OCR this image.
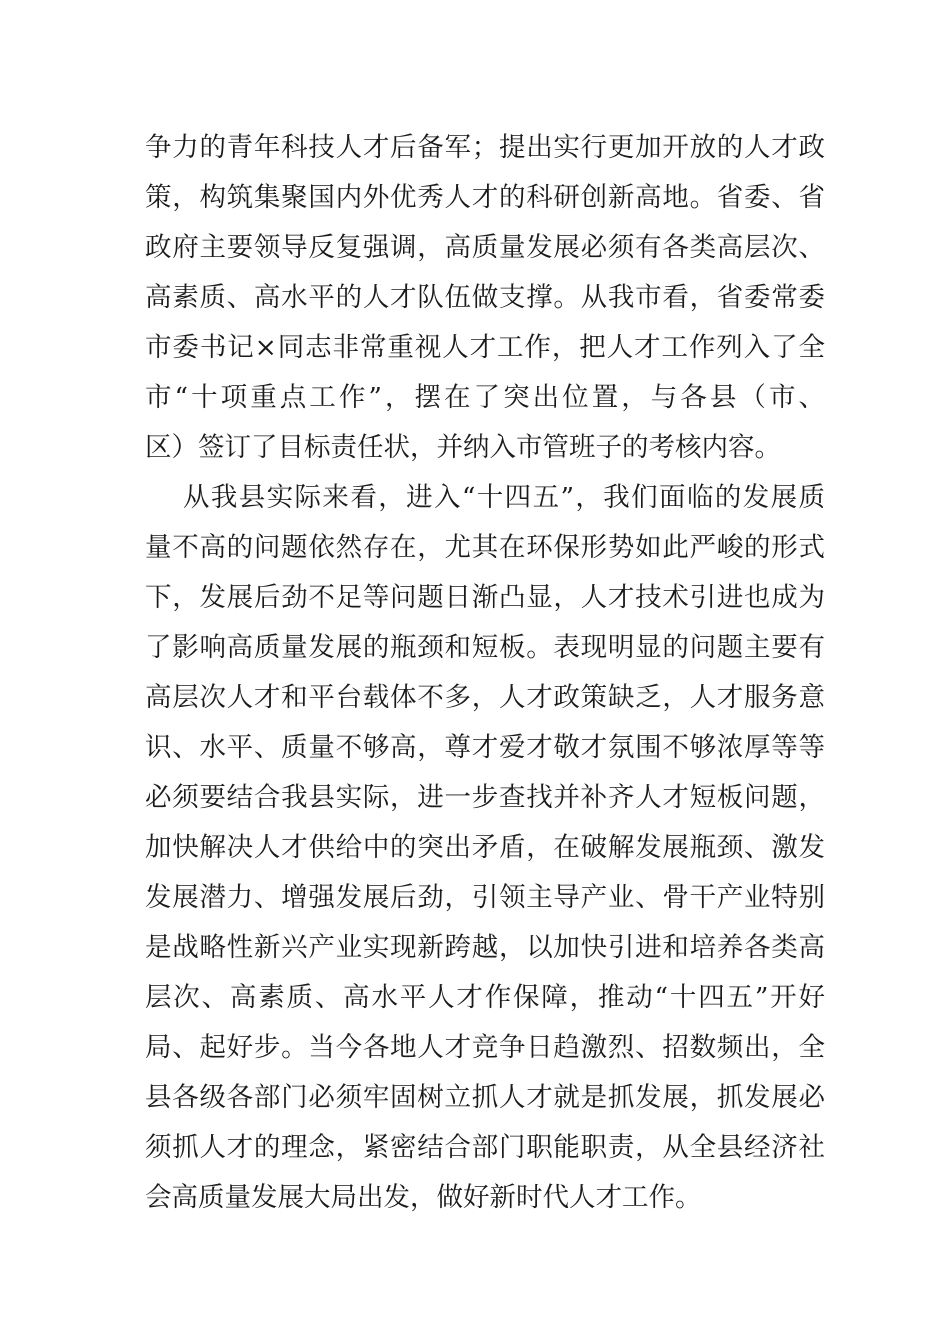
争力的青年科技人才后备军；提出实行更加开放的人才政
策，构筑集聚国内外优秀人才的科研创新高地。省委、省
政府主要领导反复强调，高质量发展必须有各类高层次、
高素质、高水平的人才队伍做支撑。从我市看，省委常委
市委书记×同志非常重视人才工作，把人才工作列入了全
市“十项重点工作”，摆在了突出位置，与各县（市、
区）签订了目标责任状，并纳入市管班子的考核内容。
从我县实际来看，进入“十四五”，我们面临的发展质
量不高的问题依然存在，尤其在环保形势如此严峻的形式
下，发展后劲不足等问题日渐凸显，人才技术引进也成为
了影响高质量发展的瓶颈和短板。表现明显的问题主要有
高层次人才和平台载体不多，人才政策缺乏，人才服务意
识、水平、质量不够高，尊才爱才敬才氛围不够浓厚等等
必须要结合我县实际，进一步查找并补齐人才短板问题，
加快解决人才供给中的突出矛盾，在破解发展瓶颈、激发
发展潜力、增强发展后劲，引领主导产业、骨干产业特别
是战略性新兴产业实现新跨越，以加快引进和培养各类高
层次、高素质、高水平人才作保障，推动“十四五”开好
局、起好步。当今各地人才竞争日趋激烈、招数频出，全
县各级各部门必须牢固树立抓人才就是抓发展，抓发展必
须抓人才的理念，紧密结合部门职能职责，从全县经济社
会高质量发展大局出发，做好新时代人才工作。
